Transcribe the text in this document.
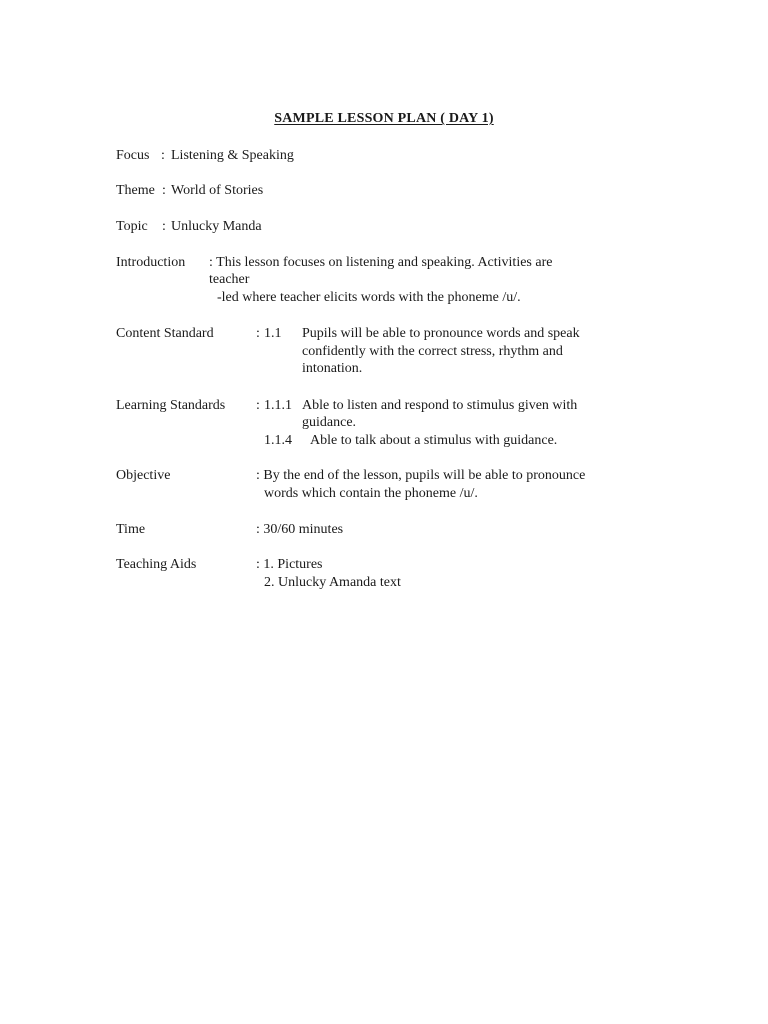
SAMPLE LESSON PLAN ( DAY 1)
Focus : Listening & Speaking
Theme : World of Stories
Topic : Unlucky Manda
Introduction : This lesson focuses on listening and speaking. Activities are
teacher
-led where teacher elicits words with the phoneme /u/.
Content Standard	: 1.1 Pupils will be able to pronounce words and speak
confidently with the correct stress, rhythm and
intonation.
Learning Standards : 1.1.1 Able to listen and respond to stimulus given with
guidance.
1.1.4 Able to talk about a stimulus with guidance.
Objective	: By the end of the lesson, pupils will be able to pronounce
words which contain the phoneme /u/.
Time	: 30/60 minutes
Teaching Aids	: 1. Pictures
2. Unlucky Amanda text
